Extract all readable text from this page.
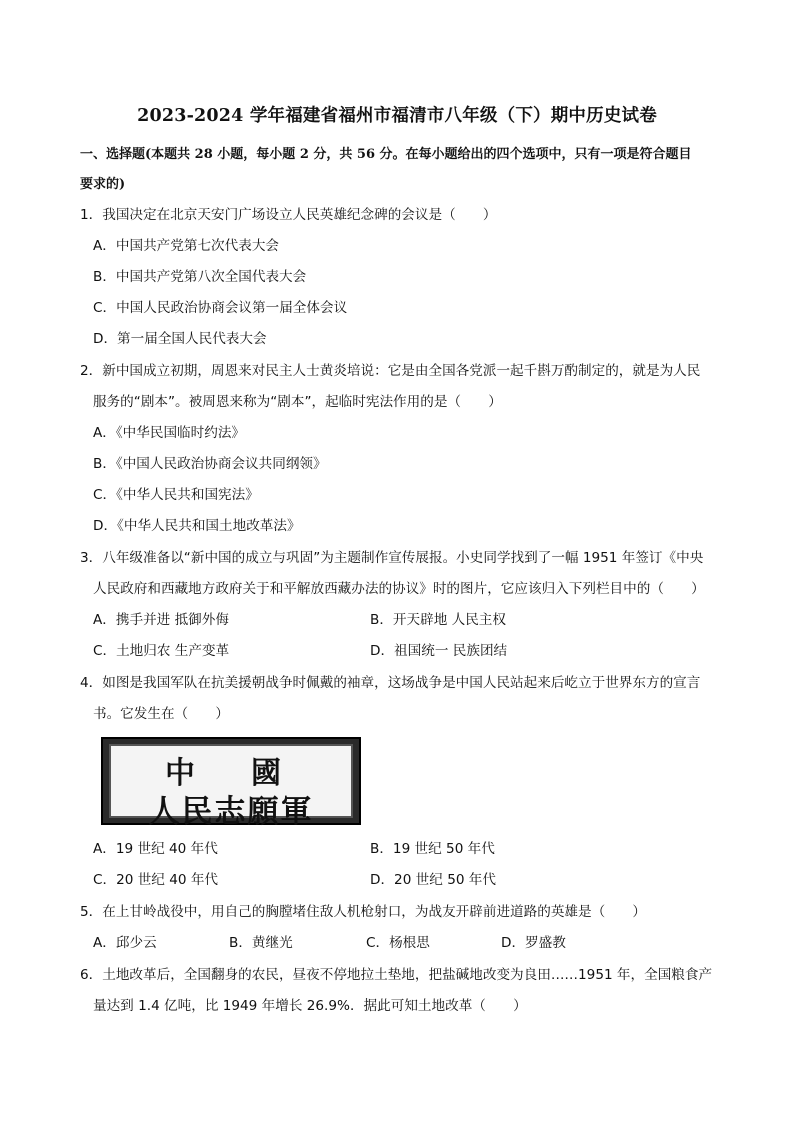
2023-2024 学年福建省福州市福清市八年级（下）期中历史试卷
一、选择题(本题共 28 小题，每小题 2 分，共 56 分。在每小题给出的四个选项中，只有一项是符合题目
要求的)
1．我国决定在北京天安门广场设立人民英雄纪念碑的会议是（　　）
A．中国共产党第七次代表大会
B．中国共产党第八次全国代表大会
C．中国人民政治协商会议第一届全体会议
D．第一届全国人民代表大会
2．新中国成立初期，周恩来对民主人士黄炎培说：它是由全国各党派一起千斟万酌制定的，就是为人民
服务的“剧本”。被周恩来称为“剧本”，起临时宪法作用的是（　　）
A．《中华民国临时约法》
B．《中国人民政治协商会议共同纲领》
C．《中华人民共和国宪法》
D．《中华人民共和国土地改革法》
3．八年级准备以“新中国的成立与巩固”为主题制作宣传展报。小史同学找到了一幅 1951 年签订《中央
人民政府和西藏地方政府关于和平解放西藏办法的协议》时的图片，它应该归入下列栏目中的（　　）
A．携手并进 抵御外侮	B．开天辟地 人民主权
C．土地归农 生产变革	D．祖国统一 民族团结
4．如图是我国军队在抗美援朝战争时佩戴的袖章，这场战争是中国人民站起来后屹立于世界东方的宣言
书。它发生在（　　）
中國
人民志願軍
A．19 世纪 40 年代	B．19 世纪 50 年代
C．20 世纪 40 年代	D．20 世纪 50 年代
5．在上甘岭战役中，用自己的胸膛堵住敌人机枪射口，为战友开辟前进道路的英雄是（　　）
A．邱少云	B．黄继光	C．杨根思	D．罗盛教
6．土地改革后，全国翻身的农民，昼夜不停地拉土垫地，把盐碱地改变为良田……1951 年，全国粮食产
量达到 1.4 亿吨，比 1949 年增长 26.9%．据此可知土地改革（　　）
